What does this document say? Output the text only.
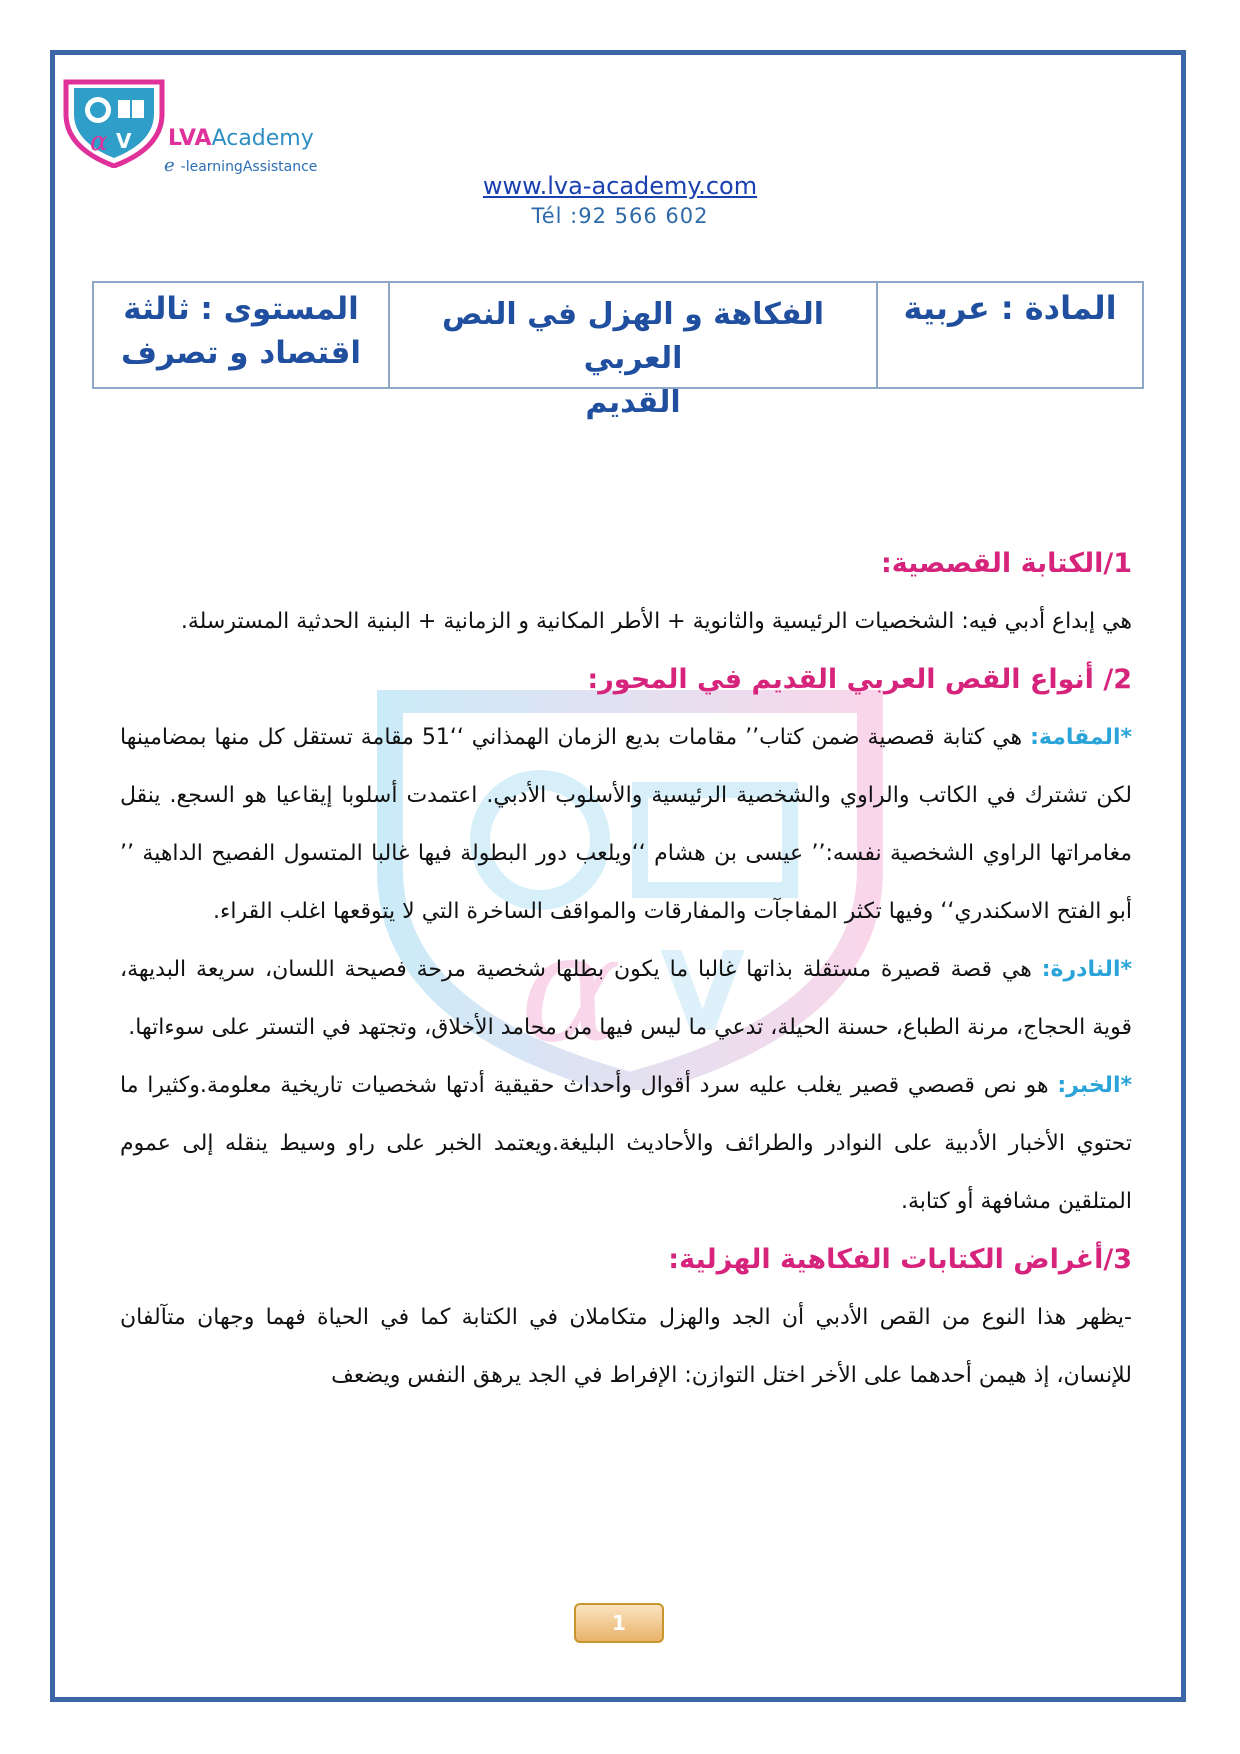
α V LVAAcademy
e -learningAssistance
www.lva-academy.com
Tél :92 566 602
المادة : عربية
الفكاهة و الهزل في النص العربي
القديم
المستوى : ثالثة
اقتصاد و تصرف
α V

1/الكتابة القصصية:

هي إبداع أدبي فيه: الشخصيات الرئيسية والثانوية + الأطر المكانية و الزمانية + البنية الحدثية المسترسلة.

2/ أنواع القص العربي القديم في المحور:

*المقامة: هي كتابة قصصية ضمن كتاب’’ مقامات بديع الزمان الهمذاني ‘‘51 مقامة تستقل كل منها بمضامينها لكن تشترك في الكاتب والراوي والشخصية الرئيسية والأسلوب الأدبي. اعتمدت أسلوبا إيقاعيا هو السجع. ينقل مغامراتها الراوي الشخصية نفسه:’’ عيسى بن هشام ‘‘ويلعب دور البطولة فيها غالبا المتسول الفصيح الداهية ’’ أبو الفتح الاسكندري‘‘ وفيها تكثر المفاجآت والمفارقات والمواقف الساخرة التي لا يتوقعها اغلب القراء.

*النادرة: هي قصة قصيرة مستقلة بذاتها غالبا ما يكون بطلها شخصية مرحة فصيحة اللسان، سريعة البديهة، قوية الحجاج، مرنة الطباع، حسنة الحيلة، تدعي ما ليس فيها من محامد الأخلاق، وتجتهد في التستر على سوءاتها.

*الخبر: هو نص قصصي قصير يغلب عليه سرد أقوال وأحداث حقيقية أدتها شخصيات تاريخية معلومة.وكثيرا ما تحتوي الأخبار الأدبية على النوادر والطرائف والأحاديث البليغة.ويعتمد الخبر على راو وسيط ينقله إلى عموم المتلقين مشافهة أو كتابة.

3/أغراض الكتابات الفكاهية الهزلية:

-يظهر هذا النوع من القص الأدبي أن الجد والهزل متكاملان في الكتابة كما في الحياة فهما وجهان متآلفان للإنسان، إذ هيمن أحدهما على الأخر اختل التوازن: الإفراط في الجد يرهق النفس ويضعف

1
